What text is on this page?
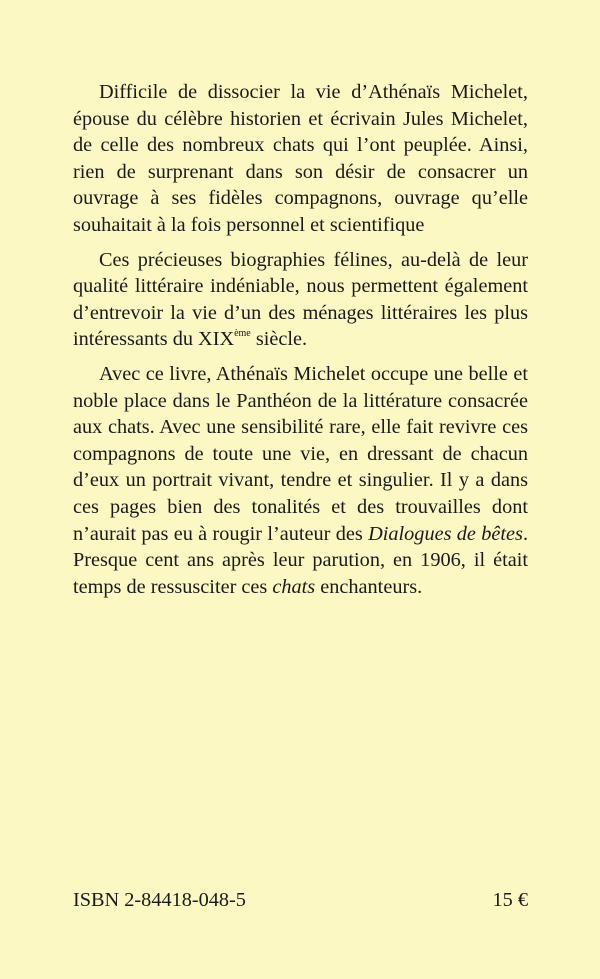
Difficile de dissocier la vie d’Athénaïs Michelet, épouse du célèbre historien et écrivain Jules Michelet, de celle des nombreux chats qui l’ont peuplée. Ainsi, rien de surprenant dans son désir de consacrer un ouvrage à ses fidèles compagnons, ouvrage qu’elle souhaitait à la fois personnel et scientifique

Ces précieuses biographies félines, au-delà de leur qualité littéraire indéniable, nous permettent également d’entrevoir la vie d’un des ménages littéraires les plus intéressants du XIXème siècle.

Avec ce livre, Athénaïs Michelet occupe une belle et noble place dans le Panthéon de la littérature consacrée aux chats. Avec une sensibilité rare, elle fait revivre ces compagnons de toute une vie, en dressant de chacun d’eux un portrait vivant, tendre et singulier. Il y a dans ces pages bien des tonalités et des trouvailles dont n’aurait pas eu à rougir l’auteur des Dialogues de bêtes. Presque cent ans après leur parution, en 1906, il était temps de ressusciter ces chats enchanteurs.

ISBN 2-84418-048-5	15 €
